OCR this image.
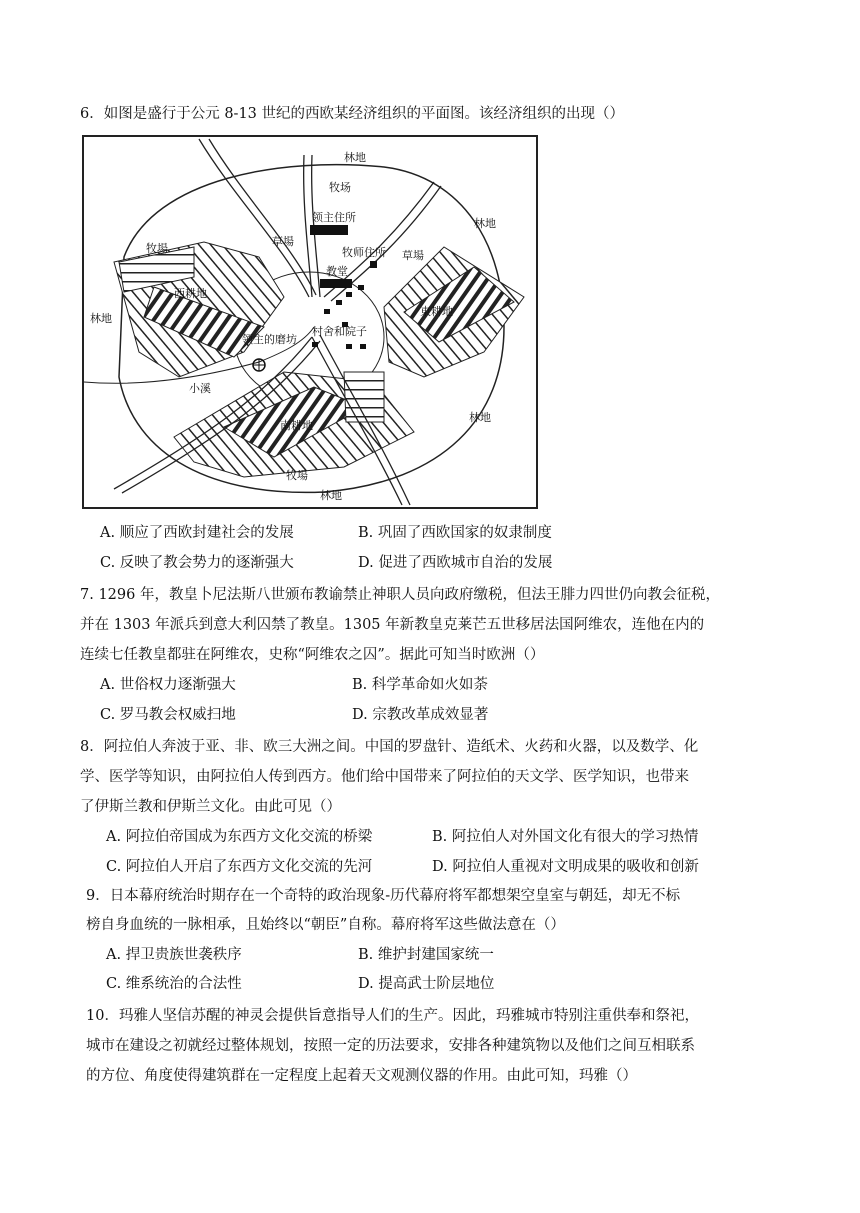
6．如图是盛行于公元 8-13 世纪的西欧某经济组织的平面图。该经济组织的出现（）
林地
牧场
林地
领主住所
牧师住所
教堂
草場
草場
牧場
西耕地
林地
東耕地
村舍和院子
领主的磨坊
小溪
南耕地
林地
牧場
林地
A. 顺应了西欧封建社会的发展	B. 巩固了西欧国家的奴隶制度
C. 反映了教会势力的逐渐强大	D. 促进了西欧城市自治的发展
7. 1296 年，教皇卜尼法斯八世颁布教谕禁止神职人员向政府缴税，但法王腓力四世仍向教会征税，
并在 1303 年派兵到意大利囚禁了教皇。1305 年新教皇克莱芒五世移居法国阿维农，连他在内的
连续七任教皇都驻在阿维农，史称“阿维农之囚”。据此可知当时欧洲（）
A. 世俗权力逐渐强大	B. 科学革命如火如荼
C. 罗马教会权威扫地	D. 宗教改革成效显著
8．阿拉伯人奔波于亚、非、欧三大洲之间。中国的罗盘针、造纸术、火药和火器，以及数学、化
学、医学等知识，由阿拉伯人传到西方。他们给中国带来了阿拉伯的天文学、医学知识，也带来
了伊斯兰教和伊斯兰文化。由此可见（）
A. 阿拉伯帝国成为东西方文化交流的桥梁	B. 阿拉伯人对外国文化有很大的学习热情
C. 阿拉伯人开启了东西方文化交流的先河	D. 阿拉伯人重视对文明成果的吸收和创新
9．日本幕府统治时期存在一个奇特的政治现象-历代幕府将军都想架空皇室与朝廷，却无不标
榜自身血统的一脉相承，且始终以“朝臣”自称。幕府将军这些做法意在（）
A. 捍卫贵族世袭秩序	B. 维护封建国家统一
C. 维系统治的合法性	D. 提高武士阶层地位
10．玛雅人坚信苏醒的神灵会提供旨意指导人们的生产。因此，玛雅城市特别注重供奉和祭祀，
城市在建设之初就经过整体规划，按照一定的历法要求，安排各种建筑物以及他们之间互相联系
的方位、角度使得建筑群在一定程度上起着天文观测仪器的作用。由此可知，玛雅（）
